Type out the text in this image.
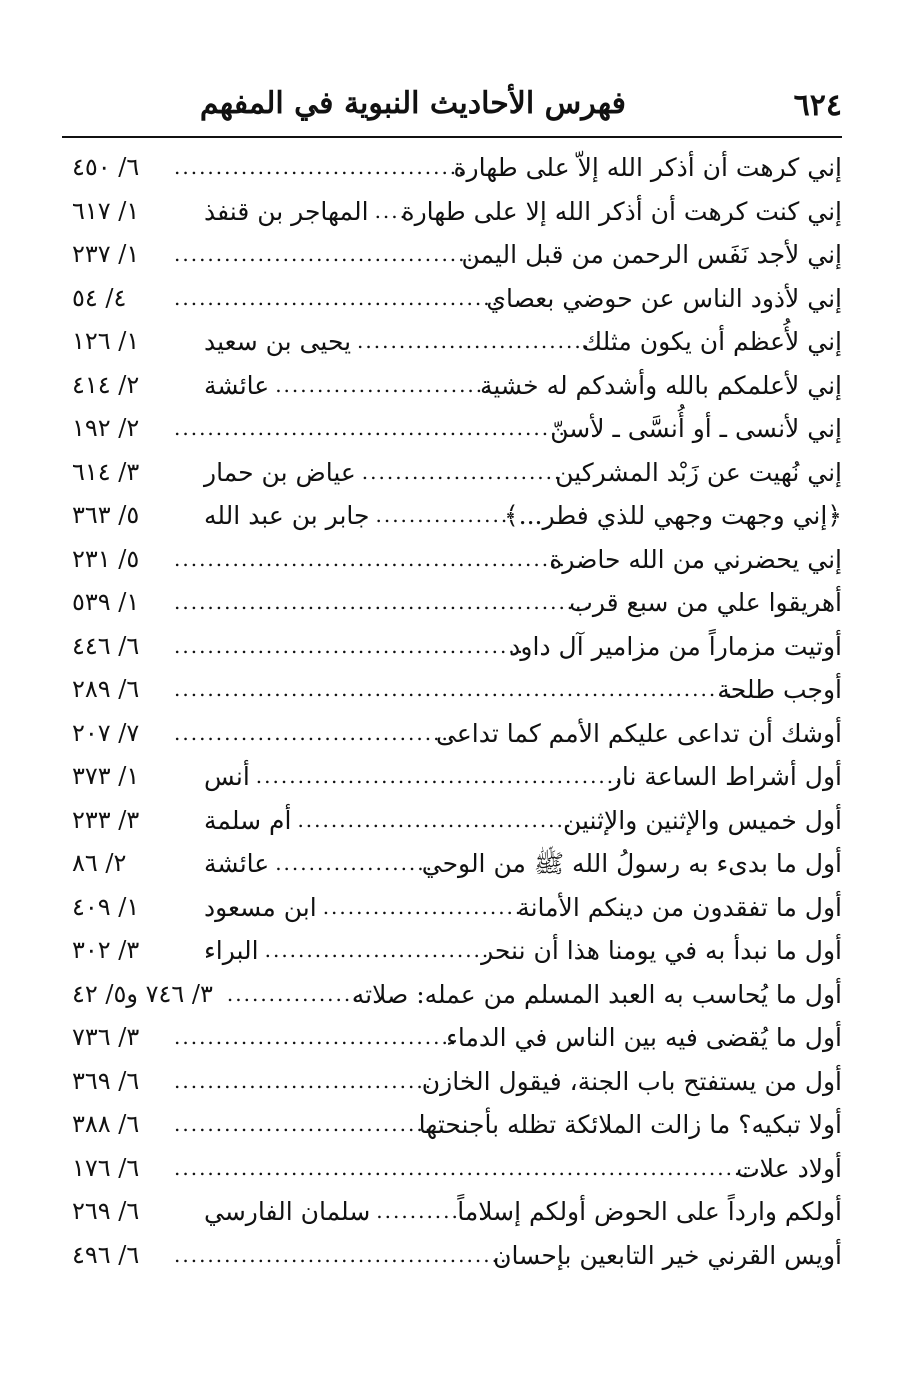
٦٢٤
فهرس الأحاديث النبوية في المفهم
إني كرهت أن أذكر الله إلاّ على طهارة
...................................
٦/ ٤٥٠
إني كنت كرهت أن أذكر الله إلا على طهارة
....
المهاجر بن قنفذ
١/ ٦١٧
إني لأجد نَفَس الرحمن من قبل اليمن
....................................
١/ ٢٣٧
إني لأذود الناس عن حوضي بعصاي
.......................................
٤/ ٥٤
إني لأُعظم أن يكون مثلك
............................
يحيى بن سعيد
١/ ١٢٦
إني لأعلمكم بالله وأشدكم له خشية
..........................
عائشة
٢/ ٤١٤
إني لأنسى ـ أو أُنسَّى ـ لأسنّ
...............................................
٢/ ١٩٢
إني نُهيت عن زَبْد المشركين
........................
عياض بن حمار
٣/ ٦١٤
﴿إني وجهت وجهي للذي فطر...﴾
................
جابر بن عبد الله
٥/ ٣٦٣
إني يحضرني من الله حاضرة
...............................................
٥/ ٢٣١
أهريقوا علي من سبع قرب
..................................................
١/ ٥٣٩
أوتيت مزماراً من مزامير آل داود
..........................................
٦/ ٤٤٦
أوجب طلحة
....................................................................
٦/ ٢٨٩
أوشك أن تداعى عليكم الأمم كما تداعى
.................................
٧/ ٢٠٧
أول أشراط الساعة نار
............................................
أنس
١/ ٣٧٣
أول خميس والإثنين والإثنين
.................................
أم سلمة
٣/ ٢٣٣
أول ما بدىء به رسولُ الله ﷺ من الوحي
...................
عائشة
٢/ ٨٦
أول ما تفقدون من دينكم الأمانة
.........................
ابن مسعود
١/ ٤٠٩
أول ما نبدأ به في يومنا هذا أن ننحر
...........................
البراء
٣/ ٣٠٢
أول ما يُحاسب به العبد المسلم من عمله: صلاته
................
٣/ ٧٤٦ و٥/ ٤٢
أول ما يُقضى فيه بين الناس في الدماء
..................................
٣/ ٧٣٦
أول من يستفتح باب الجنة، فيقول الخازن
...............................
٦/ ٣٦٩
أولا تبكيه؟ ما زالت الملائكة تظله بأجنحتها
...............................
٦/ ٣٨٨
أولاد علات
.......................................................................
٦/ ١٧٦
أولكم وارداً على الحوض أولكم إسلاماً
..........
سلمان الفارسي
٦/ ٢٦٩
أويس القرني خير التابعين بإحسان
........................................
٦/ ٤٩٦
